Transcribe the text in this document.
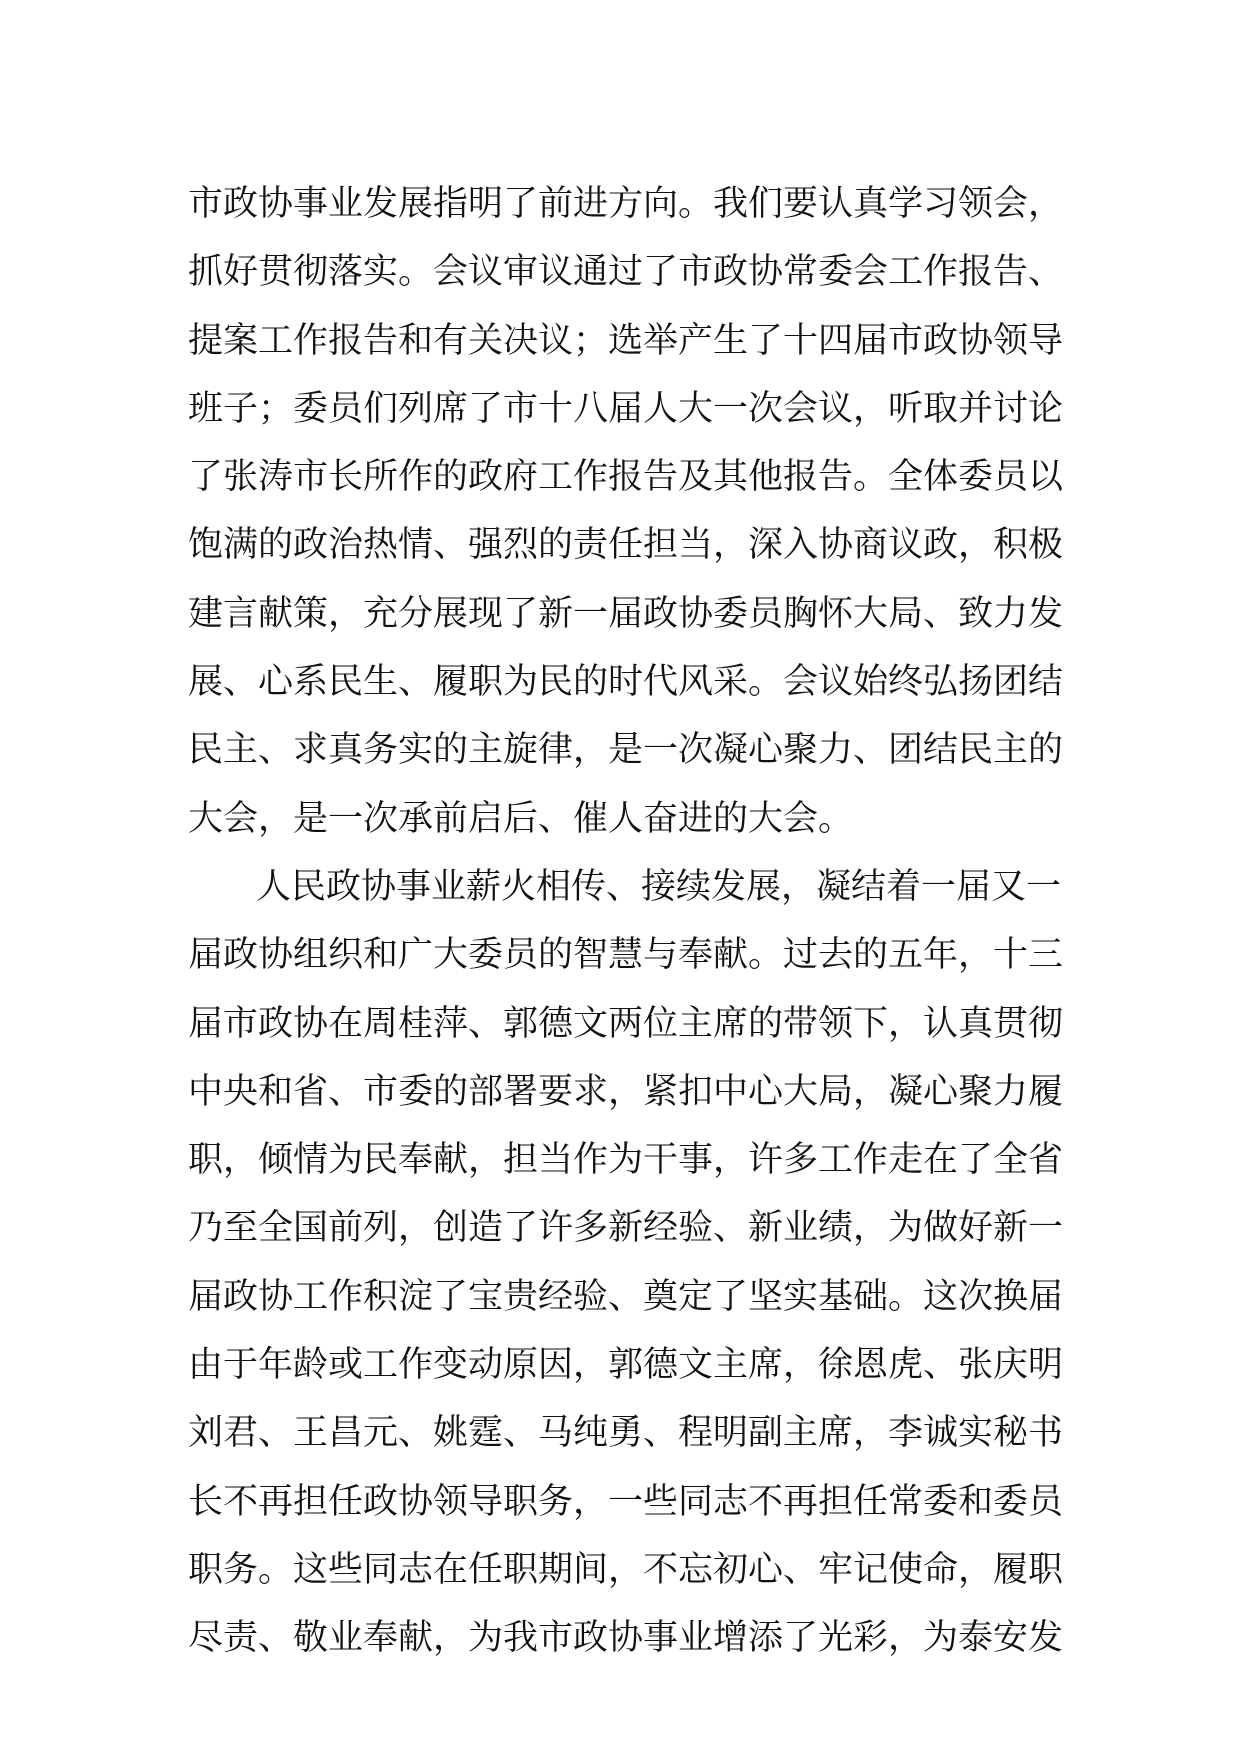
市政协事业发展指明了前进方向。我们要认真学习领会，
抓好贯彻落实。会议审议通过了市政协常委会工作报告、
提案工作报告和有关决议；选举产生了十四届市政协领导
班子；委员们列席了市十八届人大一次会议，听取并讨论
了张涛市长所作的政府工作报告及其他报告。全体委员以
饱满的政治热情、强烈的责任担当，深入协商议政，积极
建言献策，充分展现了新一届政协委员胸怀大局、致力发
展、心系民生、履职为民的时代风采。会议始终弘扬团结
民主、求真务实的主旋律，是一次凝心聚力、团结民主的
大会，是一次承前启后、催人奋进的大会。
人民政协事业薪火相传、接续发展，凝结着一届又一
届政协组织和广大委员的智慧与奉献。过去的五年，十三
届市政协在周桂萍、郭德文两位主席的带领下，认真贯彻
中央和省、市委的部署要求，紧扣中心大局，凝心聚力履
职，倾情为民奉献，担当作为干事，许多工作走在了全省
乃至全国前列，创造了许多新经验、新业绩，为做好新一
届政协工作积淀了宝贵经验、奠定了坚实基础。这次换届
由于年龄或工作变动原因，郭德文主席，徐恩虎、张庆明
刘君、王昌元、姚霆、马纯勇、程明副主席，李诚实秘书
长不再担任政协领导职务，一些同志不再担任常委和委员
职务。这些同志在任职期间，不忘初心、牢记使命，履职
尽责、敬业奉献，为我市政协事业增添了光彩，为泰安发
